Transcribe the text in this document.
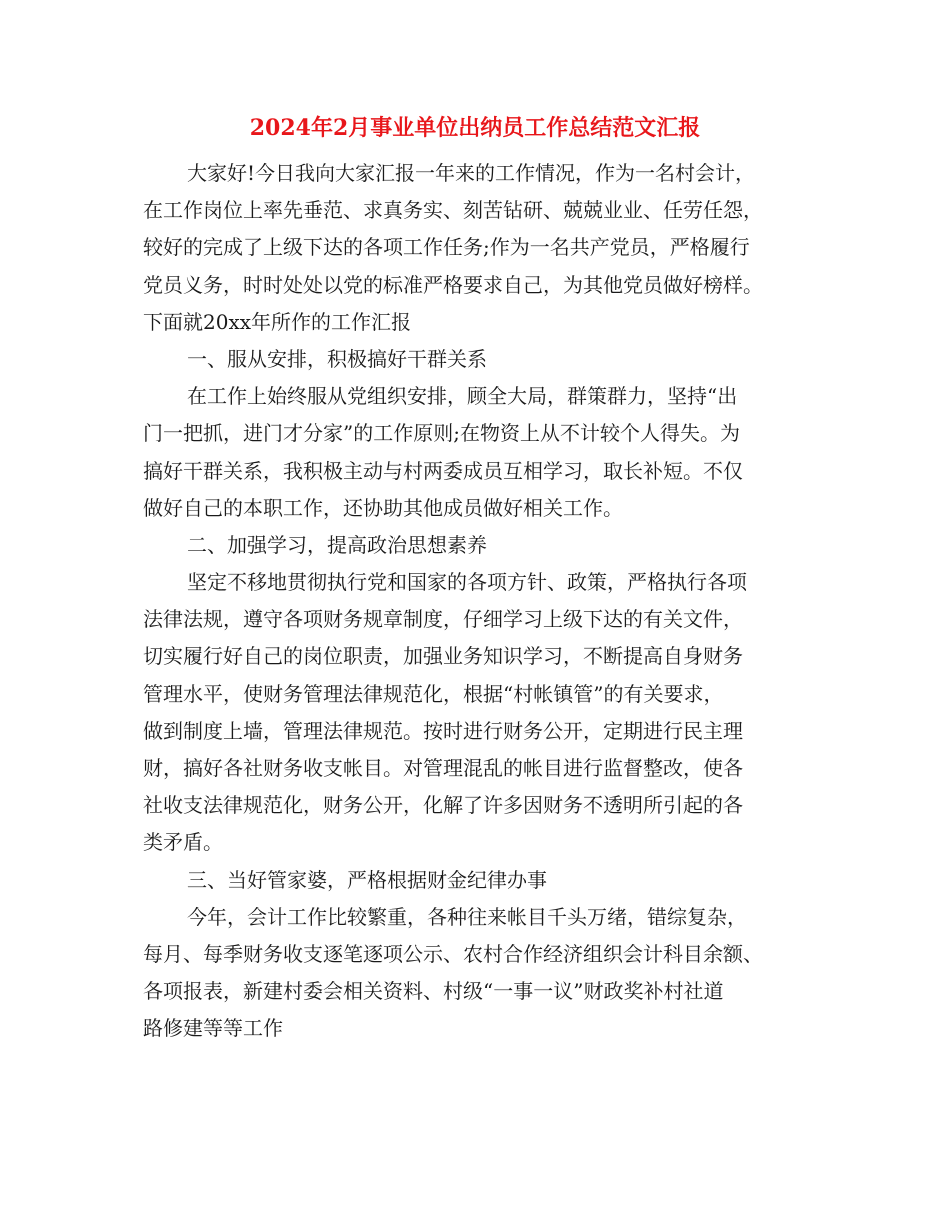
2024年2月事业单位出纳员工作总结范文汇报
大家好!今日我向大家汇报一年来的工作情况，作为一名村会计，
在工作岗位上率先垂范、求真务实、刻苦钻研、兢兢业业、任劳任怨，
较好的完成了上级下达的各项工作任务;作为一名共产党员，严格履行
党员义务，时时处处以党的标准严格要求自己，为其他党员做好榜样。
下面就20xx年所作的工作汇报
一、服从安排，积极搞好干群关系
在工作上始终服从党组织安排，顾全大局，群策群力，坚持“出
门一把抓，进门才分家”的工作原则;在物资上从不计较个人得失。为
搞好干群关系，我积极主动与村两委成员互相学习，取长补短。不仅
做好自己的本职工作，还协助其他成员做好相关工作。
二、加强学习，提高政治思想素养
坚定不移地贯彻执行党和国家的各项方针、政策，严格执行各项
法律法规，遵守各项财务规章制度，仔细学习上级下达的有关文件，
切实履行好自己的岗位职责，加强业务知识学习，不断提高自身财务
管理水平，使财务管理法律规范化，根据“村帐镇管”的有关要求，
做到制度上墙，管理法律规范。按时进行财务公开，定期进行民主理
财，搞好各社财务收支帐目。对管理混乱的帐目进行监督整改，使各
社收支法律规范化，财务公开，化解了许多因财务不透明所引起的各
类矛盾。
三、当好管家婆，严格根据财金纪律办事
今年，会计工作比较繁重，各种往来帐目千头万绪，错综复杂，
每月、每季财务收支逐笔逐项公示、农村合作经济组织会计科目余额、
各项报表，新建村委会相关资料、村级“一事一议”财政奖补村社道
路修建等等工作
